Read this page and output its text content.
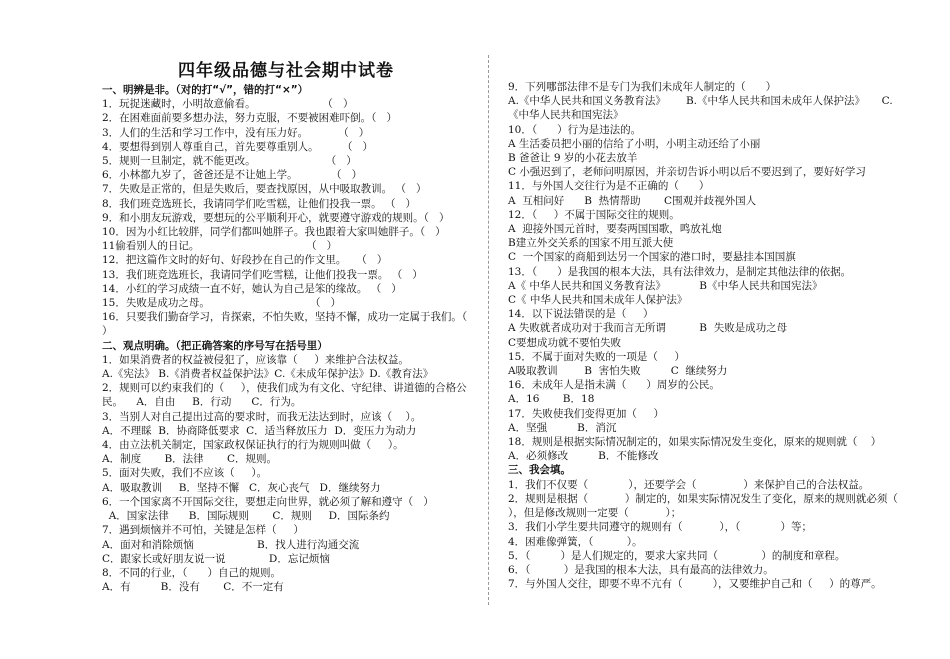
四年级品德与社会期中试卷

一、明辨是非。（对的打“√”，错的打“×”）

1．玩捉迷藏时，小明故意偷看。                    （   ）

2．在困难面前要多想办法，努力克服，不要被困难吓倒。（   ）

3．人们的生活和学习工作中，没有压力好。         （   ）

4．要想得到别人尊重自己，首先要尊重别人。       （   ）

5．规则一旦制定，就不能更改。                     （   ）

6．小林都九岁了，爸爸还是不让她上学。          （   ）

7．失败是正常的，但是失败后，要查找原因，从中吸取教训。 （   ）

8．我们班竞选班长，我请同学们吃雪糕，让他们投我一票。 （   ）

9．和小朋友玩游戏，要想玩的公平顺利开心，就要遵守游戏的规则。（   ）

10．因为小红比较胖，同学们都叫她胖子。我也跟着大家叫她胖子。（   ）

11偷看别人的日记。                                （   ）

12．把这篇作文时的好句、好段抄在自己的作文里。   （   ）

13．我们班竞选班长，我请同学们吃雪糕，让他们投我一票。 （   ）

14．小红的学习成绩一直不好，她认为自己是笨的缘故。 （   ）

15．失败是成功之母。                              （   ）

16．只要我们勤奋学习，肯探索，不怕失败，坚持不懈，成功一定属于我们。（   ）

二、观点明确。（把正确答案的序号写在括号里）

1．如果消费者的权益被侵犯了，应该靠（     ）来维护合法权益。

A.《宪法》 B.《消费者权益保护法》C.《未成年保护法》D.《教育法》

2．规则可以约束我们的（     ），使我们成为有文化、守纪律、讲道德的合格公民。    A．自由     B．行动      C．行为。

3．当别人对自己提出过高的要求时，而我无法达到时，应该（    ）。

A．不理睬  B．协商降低要求  C．适当释放压力  D．变压力为动力

4．由立法机关制定，国家政权保证执行的行为规则叫做（     ）。

A．制度       B．法律       C．规则。

5．面对失败，我们不应该（     ）。

A．吸取教训     B．坚持不懈   C．灰心丧气   D．继续努力

6．一个国家离不开国际交往，要想走向世界，就必须了解和遵守（   ）

A．国家法律      B．国际规则       C．规则     D．国际条约

7．遇到烦恼并不可怕，关键是怎样（     ）

A．面对和消除烦恼                   B．找人进行沟通交流

C．跟家长或好朋友说一说             D．忘记烦恼

8．不同的行业，（      ）自己的规则。

A．有         B．没有       C．不一定有

9．下列哪部法律不是专门为我们未成年人制定的（      ）

A.《中华人民共和国义务教育法》      B.《中华人民共和国未成年人保护法》     C.《中华人民共和国宪法》

10．（      ）行为是违法的。

A 生活委员把小丽的信给了小明，小明主动还给了小丽

B 爸爸让 9 岁的小花去放羊

C 小强迟到了，老师问明原因，并亲切告诉小明以后不要迟到了，要好好学习

11．与外国人交往行为是不正确的（      ）

A  互相问好      B  热情帮助       C围观并歧视外国人

12．（     ）不属于国际交往的规则。

A  迎接外国元首时，要奏两国国歌，鸣放礼炮

B建立外交关系的国家不用互派大使

C  一个国家的商船到达另一个国家的港口时，要悬挂本国国旗

13．（      ）是我国的根本大法，具有法律效力，是制定其他法律的依据。

A《 中华人民共和国义务教育法》          B《中华人民共和国宪法》

C《 中华人民共和国未成年人保护法》

14．以下说法错误的是（     ）

A 失败就者成功对于我而言无所谓          B  失败是成功之母

C要想成功就不要怕失败

15．不属于面对失败的一项是（     ）

A吸取教训        B  害怕失败         C  继续努力

16．未成年人是指未满（      ）周岁的公民。

A．16       B．18

17．失败使我们变得更加（     ）

A．坚强         B．消沉

18．规则是根据实际情况制定的，如果实际情况发生变化，原来的规则就（    ）    A．必须修改         B．不能修改

三、我会填。

1．我们不仅要（            ），还要学会（              ）来保护自己的合法权益。

2．规则是根据（           ）制定的，如果实际情况发生了变化，原来的规则就必须（           ），但是修改规则一定要（           ）；

3．我们小学生要共同遵守的规则有（           ），（            ）等；

4．困难像弹簧，（          ）。

5．（         ）是人们规定的，要求大家共同（             ）的制度和章程。

6．（          ）是我国的根本大法，具有最高的法律效力。

7．与外国人交往，即要不卑不亢有（         ），又要维护自己和（     ）的尊严。
